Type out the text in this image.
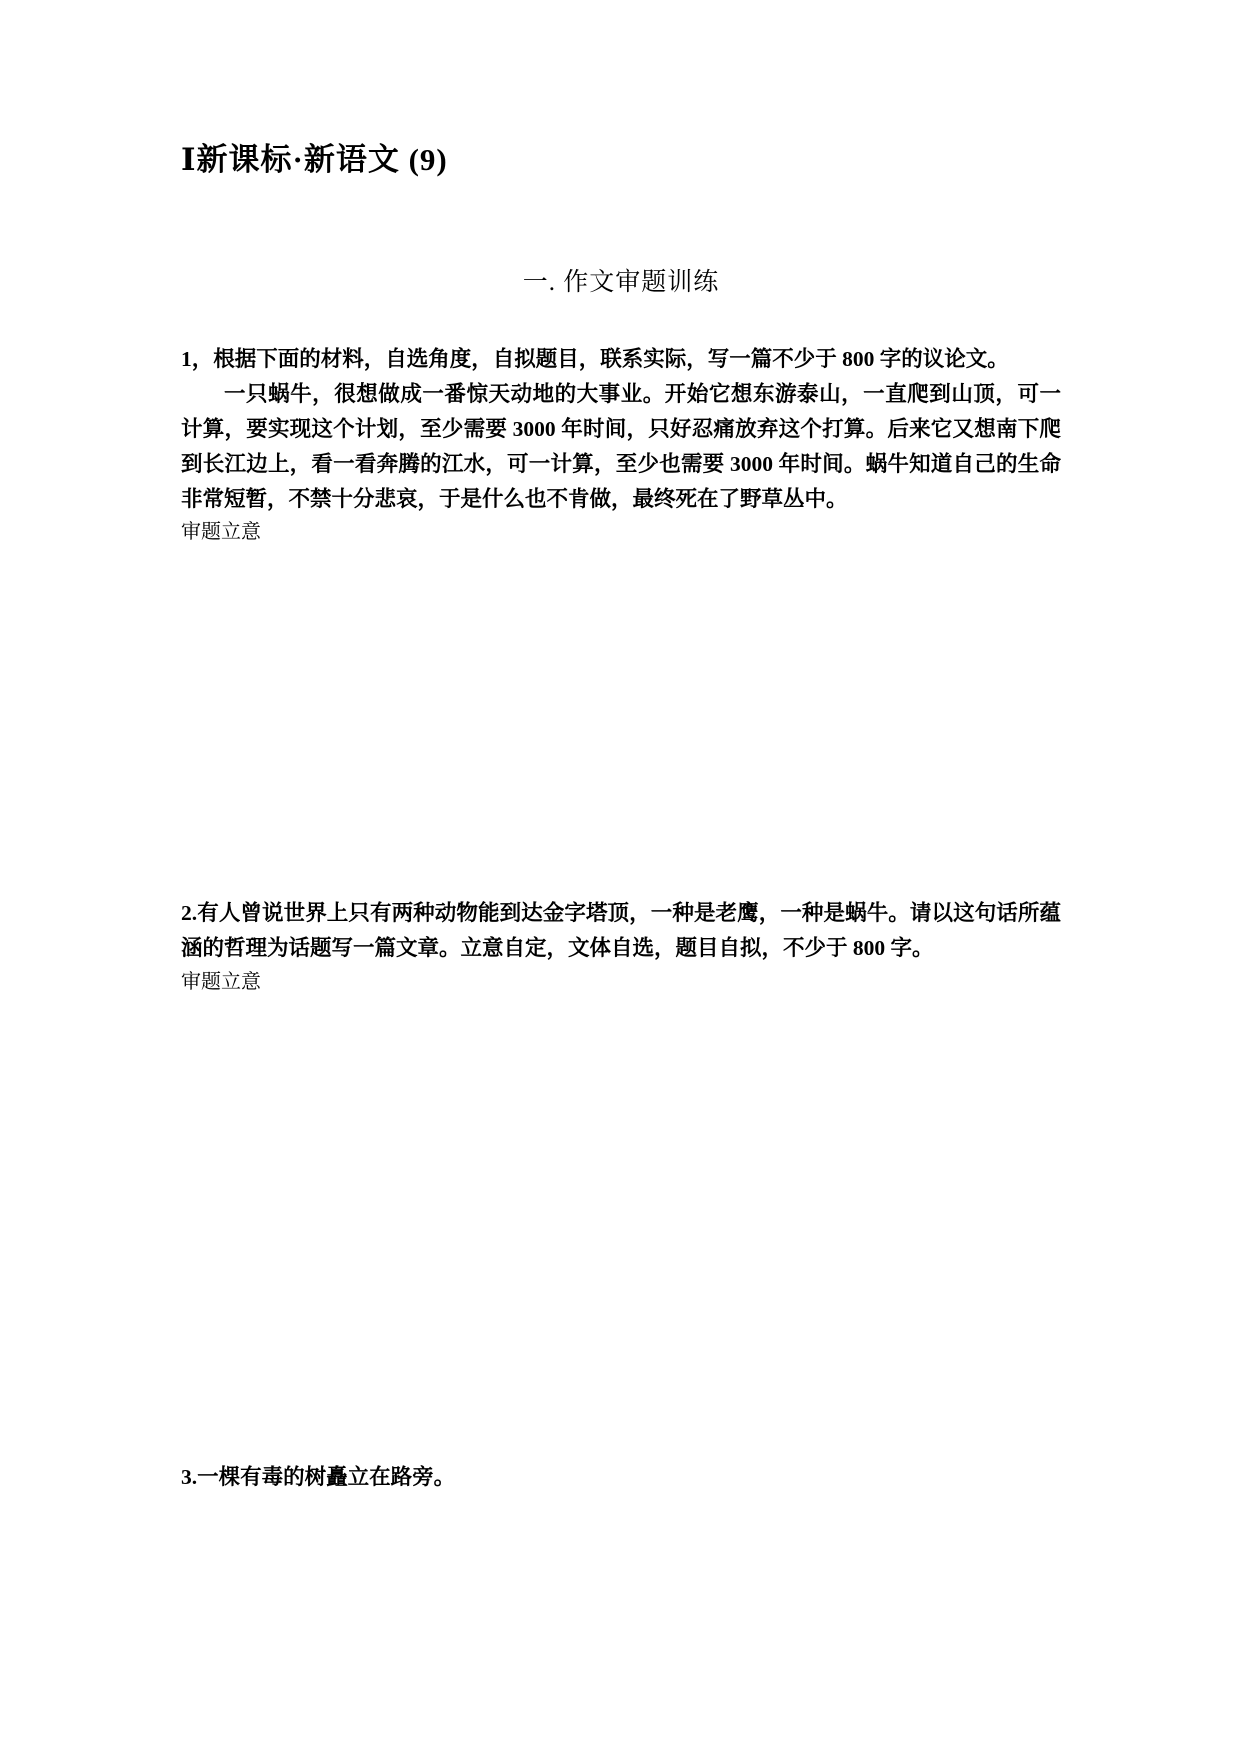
Ⅰ新课标·新语文 (9)
一. 作文审题训练

1，根据下面的材料，自选角度，自拟题目，联系实际，写一篇不少于 800 字的议论文。

一只蜗牛，很想做成一番惊天动地的大事业。开始它想东游泰山，一直爬到山顶，可一计算，要实现这个计划，至少需要 3000 年时间，只好忍痛放弃这个打算。后来它又想南下爬到长江边上，看一看奔腾的江水，可一计算，至少也需要 3000 年时间。蜗牛知道自己的生命非常短暂，不禁十分悲哀，于是什么也不肯做，最终死在了野草丛中。

审题立意

2.有人曾说世界上只有两种动物能到达金字塔顶，一种是老鹰，一种是蜗牛。请以这句话所蕴涵的哲理为话题写一篇文章。立意自定，文体自选，题目自拟，不少于 800 字。

审题立意

3.一棵有毒的树矗立在路旁。
